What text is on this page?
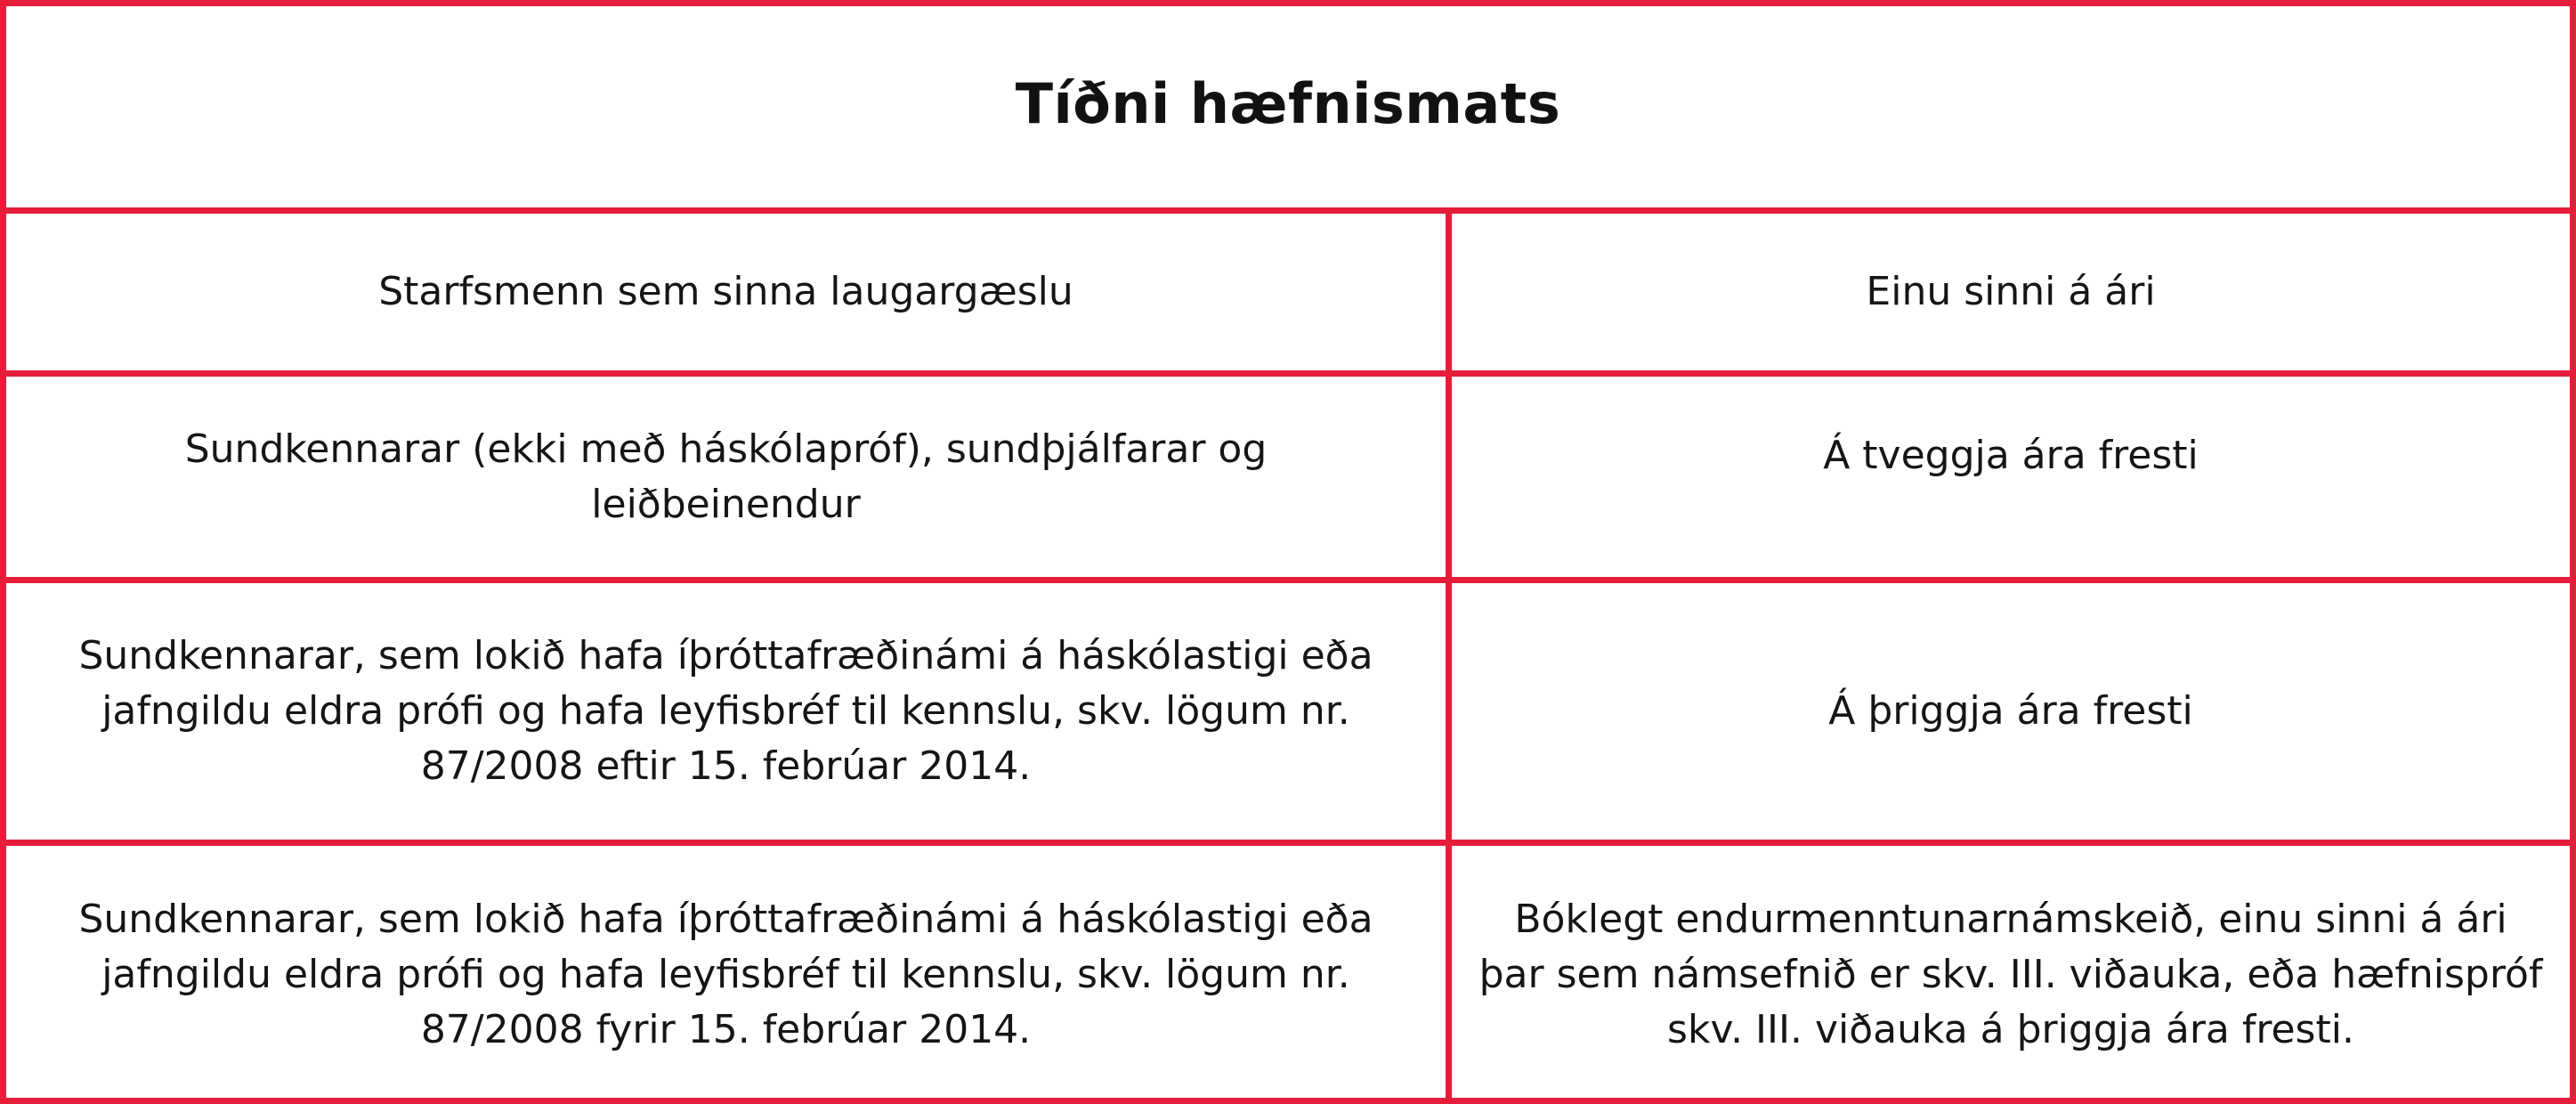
Tíðni hæfnismats
Starfsmenn sem sinna laugargæslu	Einu sinni á ári
Sundkennarar (ekki með háskólapróf), sundþjálfarar og leiðbeinendur
Á tveggja ára fresti
Sundkennarar, sem lokið hafa íþróttafræðinámi á háskólastigi eða jafngildu eldra prófi og hafa leyfisbréf til kennslu, skv. lögum nr. 87/2008 eftir 15. febrúar 2014.
Á þriggja ára fresti
Sundkennarar, sem lokið hafa íþróttafræðinámi á háskólastigi eða jafngildu eldra prófi og hafa leyfisbréf til kennslu, skv. lögum nr. 87/2008 fyrir 15. febrúar 2014.
Bóklegt endurmenntunarnámskeið, einu sinni á ári þar sem námsefnið er skv. III. viðauka, eða hæfnispróf skv. III. viðauka á þriggja ára fresti.
